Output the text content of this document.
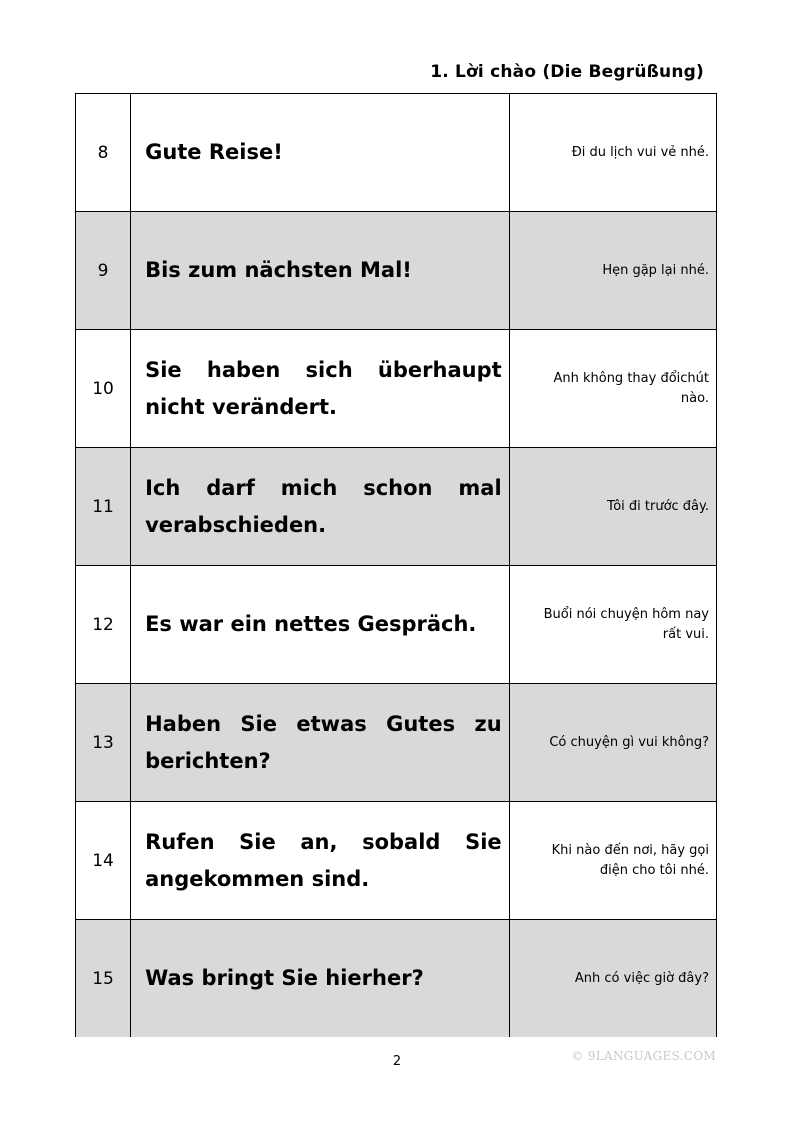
1. Lời chào (Die Begrüßung)
8	Gute Reise!	Đi du lịch vui vẻ nhé.
9	Bis zum nächsten Mal!	Hẹn gặp lại nhé.
10	Sie haben sich überhaupt nicht verändert.	Anh không thay đổichút nào.
11	Ich darf mich schon mal verabschieden.	Tôi đi trước đây.
12	Es war ein nettes Gespräch.	Buổi nói chuyện hôm nay rất vui.
13	Haben Sie etwas Gutes zu berichten?	Có chuyện gì vui không?
14	Rufen Sie an, sobald Sie angekommen sind.	Khi nào đến nơi, hãy gọi điện cho tôi nhé.
15	Was bringt Sie hierher?	Anh có việc giờ đây?
2	© 9LANGUAGES.COM
